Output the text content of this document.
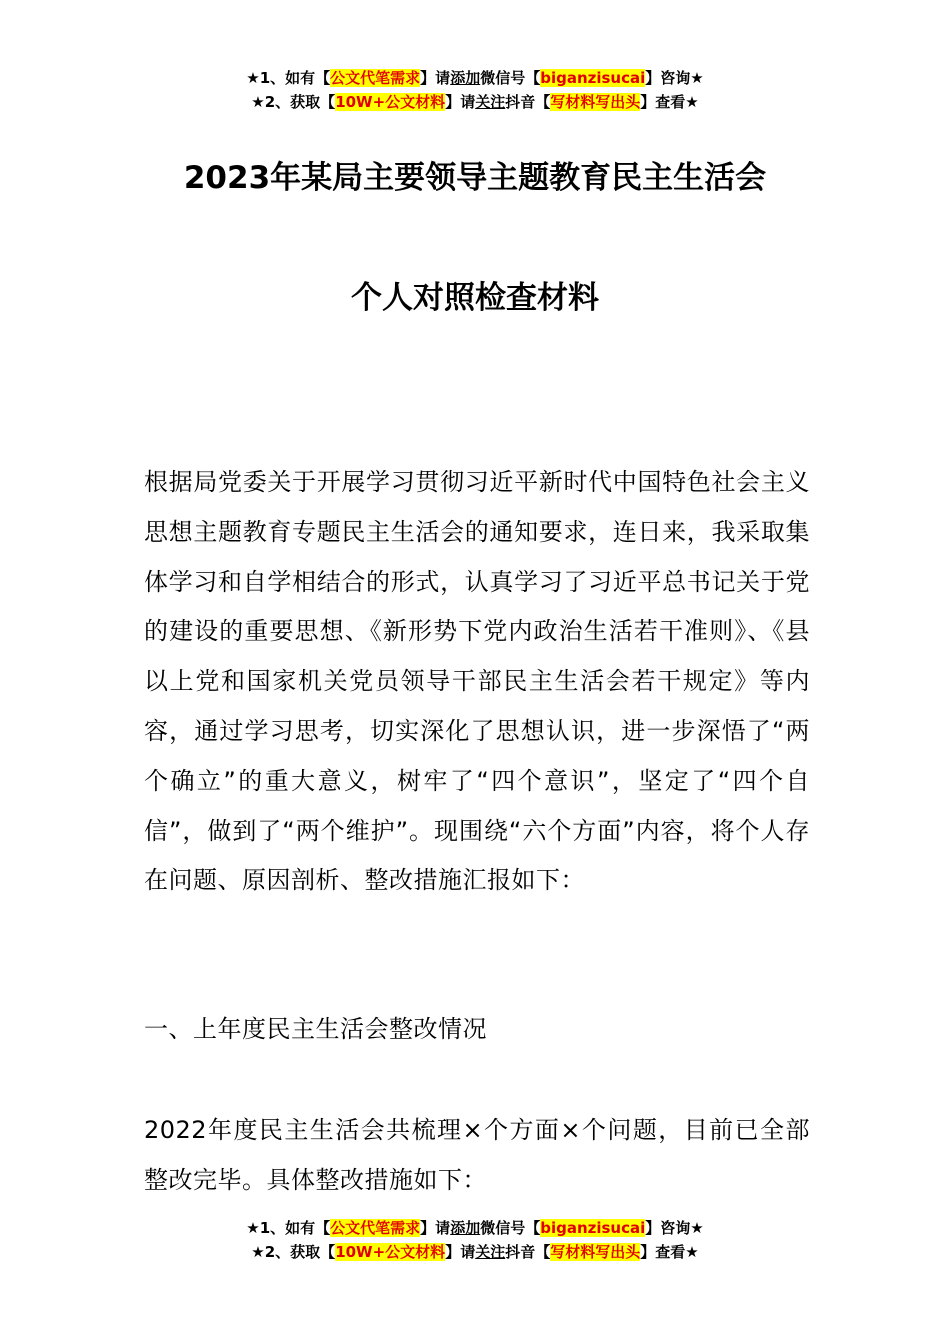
★1、如有【公文代笔需求】请添加微信号【biganzisucai】咨询★
★2、获取【10W+公文材料】请关注抖音【写材料写出头】查看★
2023年某局主要领导主题教育民主生活会
个人对照检查材料
根据局党委关于开展学习贯彻习近平新时代中国特色社会主义思想主题教育专题民主生活会的通知要求，连日来，我采取集体学习和自学相结合的形式，认真学习了习近平总书记关于党的建设的重要思想、《新形势下党内政治生活若干准则》、《县以上党和国家机关党员领导干部民主生活会若干规定》等内容，通过学习思考，切实深化了思想认识，进一步深悟了“两个确立”的重大意义，树牢了“四个意识”，坚定了“四个自信”，做到了“两个维护”。现围绕“六个方面”内容，将个人存在问题、原因剖析、整改措施汇报如下：
一、上年度民主生活会整改情况
2022年度民主生活会共梳理×个方面×个问题，目前已全部整改完毕。具体整改措施如下：
★1、如有【公文代笔需求】请添加微信号【biganzisucai】咨询★
★2、获取【10W+公文材料】请关注抖音【写材料写出头】查看★
